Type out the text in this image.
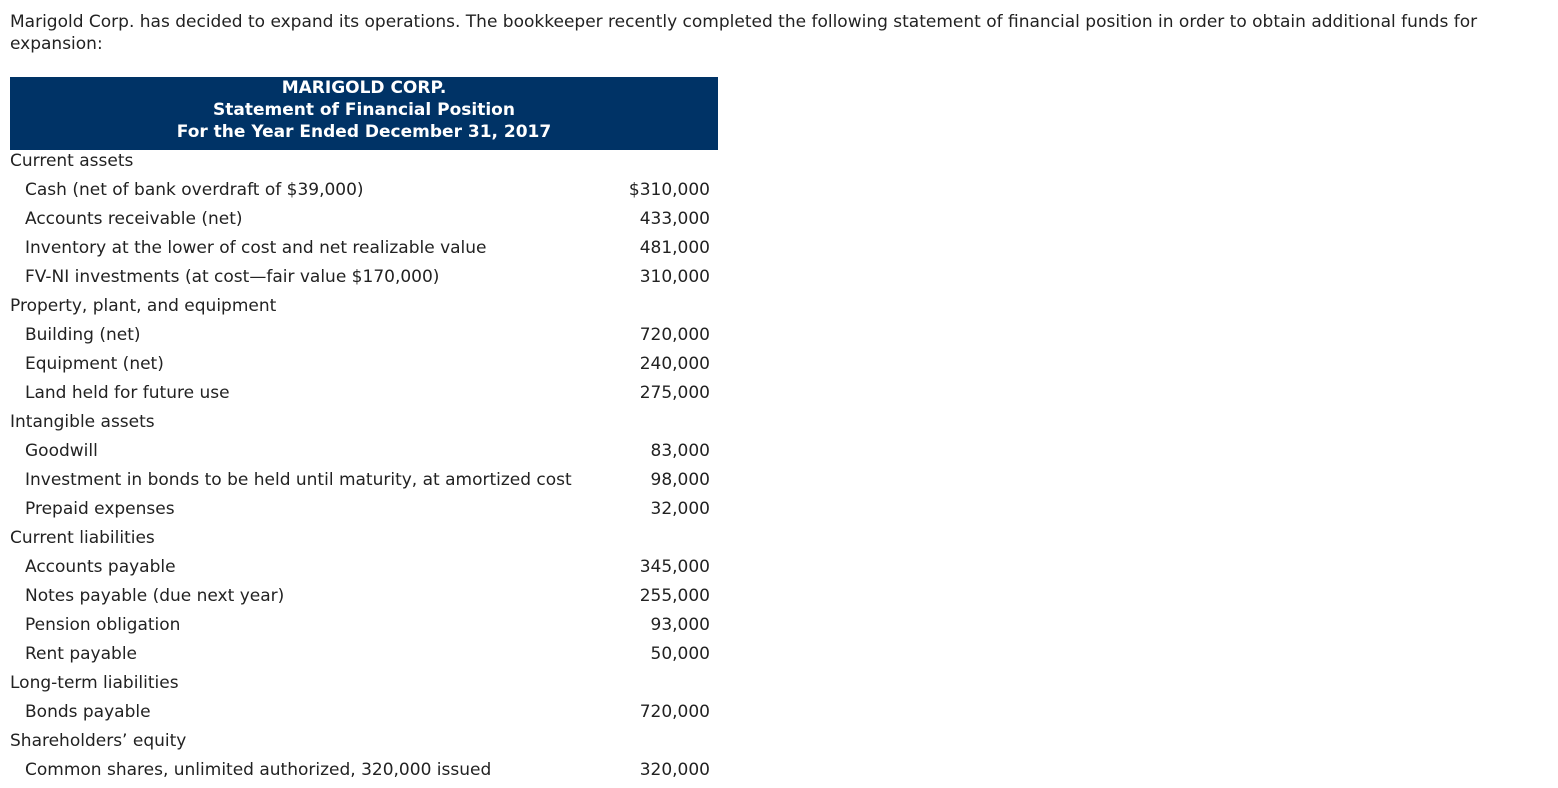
Marigold Corp. has decided to expand its operations. The bookkeeper recently completed the following statement of financial position in order to obtain additional funds for expansion:

MARIGOLD CORP.
Statement of Financial Position
For the Year Ended December 31, 2017
Current assets
Cash (net of bank overdraft of $39,000)	$310,000
Accounts receivable (net)	433,000
Inventory at the lower of cost and net realizable value	481,000
FV-NI investments (at cost—fair value $170,000)	310,000
Property, plant, and equipment
Building (net)	720,000
Equipment (net)	240,000
Land held for future use	275,000
Intangible assets
Goodwill	83,000
Investment in bonds to be held until maturity, at amortized cost	98,000
Prepaid expenses	32,000
Current liabilities
Accounts payable	345,000
Notes payable (due next year)	255,000
Pension obligation	93,000
Rent payable	50,000
Long-term liabilities
Bonds payable	720,000
Shareholders’ equity
Common shares, unlimited authorized, 320,000 issued	320,000
